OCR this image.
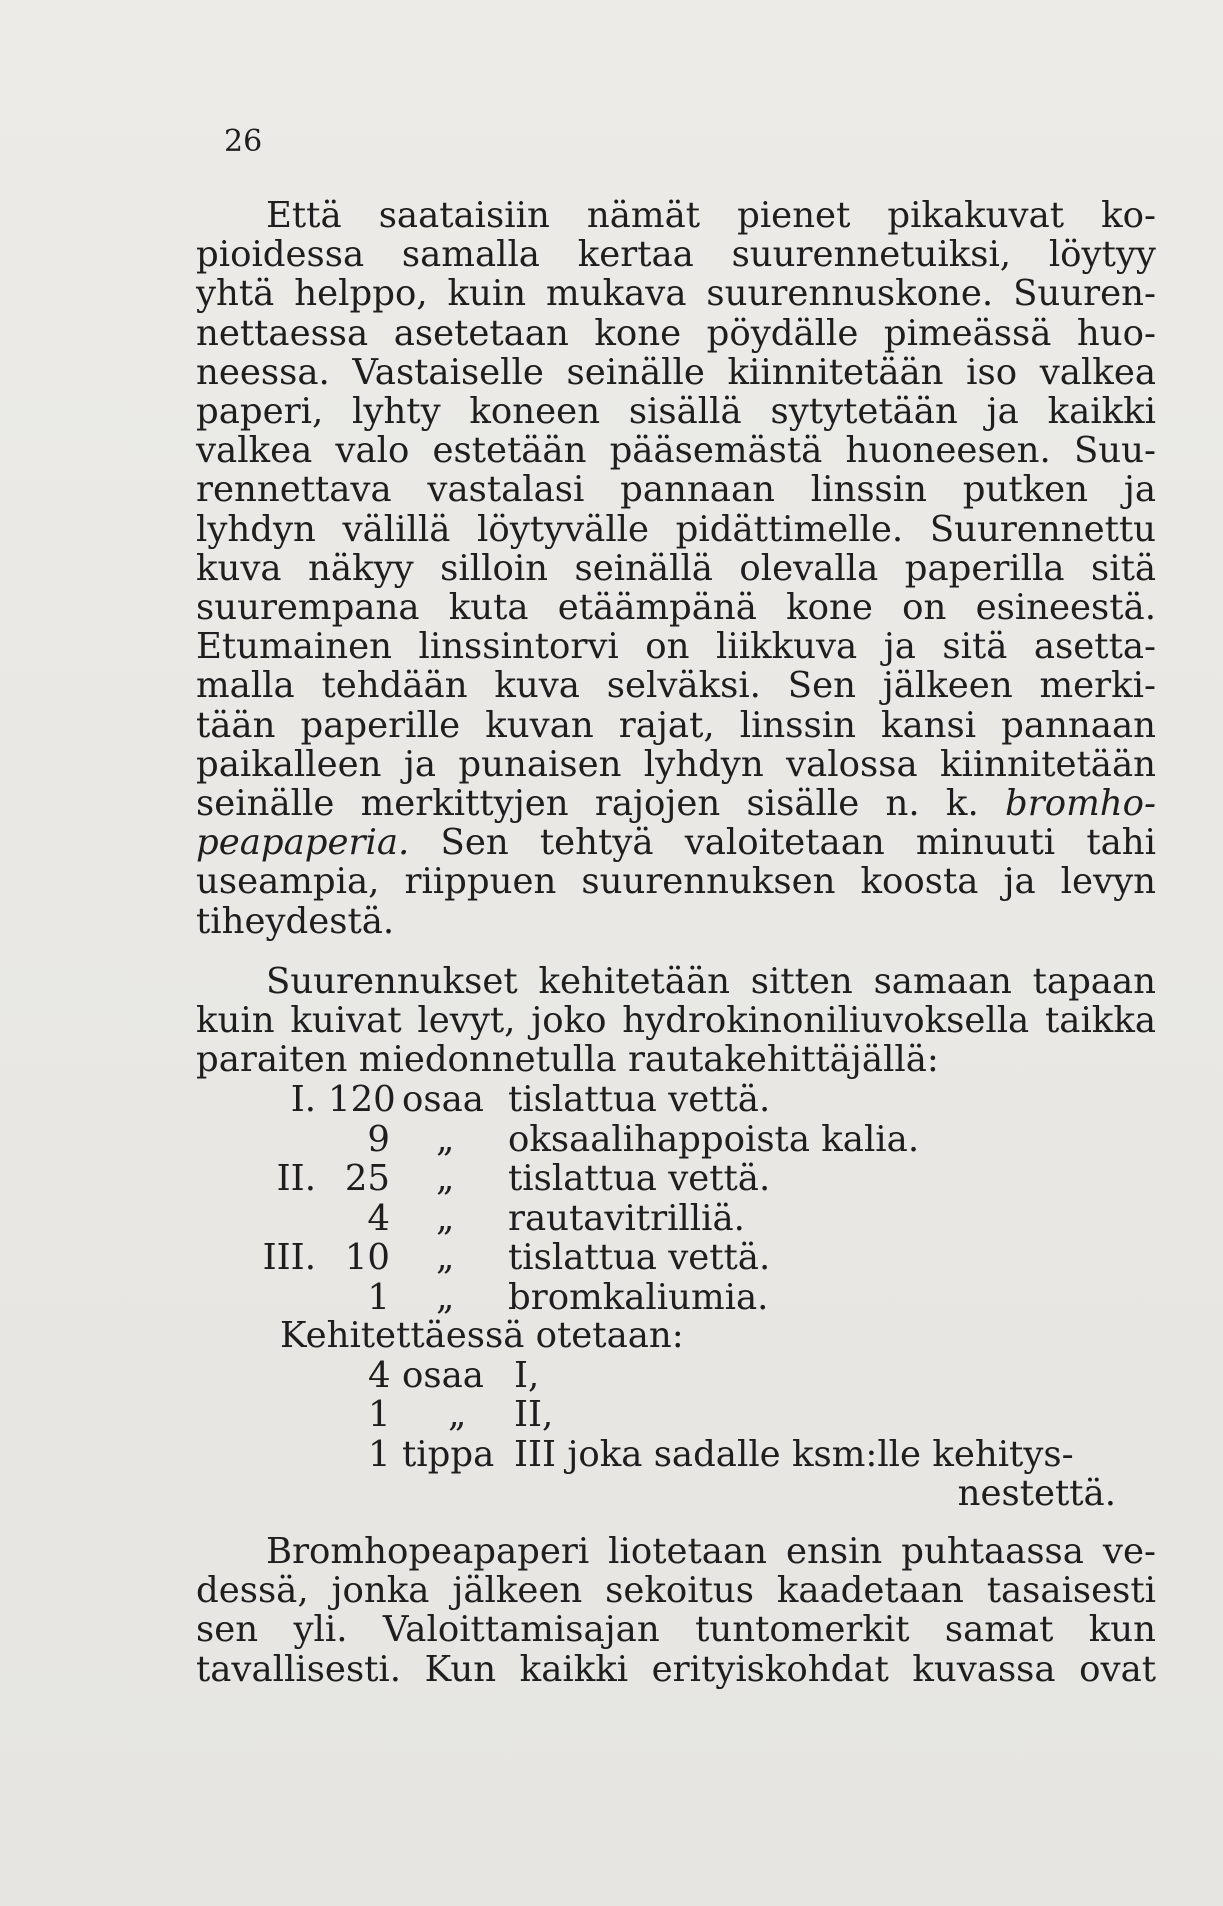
26
Että saataisiin nämät pienet pikakuvat ko-
pioidessa samalla kertaa suurennetuiksi, löytyy
yhtä helppo, kuin mukava suurennuskone. Suuren-
nettaessa asetetaan kone pöydälle pimeässä huo-
neessa. Vastaiselle seinälle kiinnitetään iso valkea
paperi, lyhty koneen sisällä sytytetään ja kaikki
valkea valo estetään pääsemästä huoneesen. Suu-
rennettava vastalasi pannaan linssin putken ja
lyhdyn välillä löytyvälle pidättimelle. Suurennettu
kuva näkyy silloin seinällä olevalla paperilla sitä
suurempana kuta etäämpänä kone on esineestä.
Etumainen linssintorvi on liikkuva ja sitä asetta-
malla tehdään kuva selväksi. Sen jälkeen merki-
tään paperille kuvan rajat, linssin kansi pannaan
paikalleen ja punaisen lyhdyn valossa kiinnitetään
seinälle merkittyjen rajojen sisälle n. k. bromho-
peapaperia. Sen tehtyä valoitetaan minuuti tahi
useampia, riippuen suurennuksen koosta ja levyn
tiheydestä.
Suurennukset kehitetään sitten samaan tapaan
kuin kuivat levyt, joko hydrokinoniliuvoksella taikka
paraiten miedonnetulla rautakehittäjällä:
I. 120 osaa tislattua vettä.
9 „ oksaalihappoista kalia.
II. 25 „ tislattua vettä.
4 „ rautavitrilliä.
III. 10 „ tislattua vettä.
1 „ bromkaliumia.
Kehitettäessä otetaan:
4 osaa I,
1 „ II,
1 tippa III joka sadalle ksm:lle kehitys-
nestettä.
Bromhopeapaperi liotetaan ensin puhtaassa ve-
dessä, jonka jälkeen sekoitus kaadetaan tasaisesti
sen yli. Valoittamisajan tuntomerkit samat kun
tavallisesti. Kun kaikki erityiskohdat kuvassa ovat
